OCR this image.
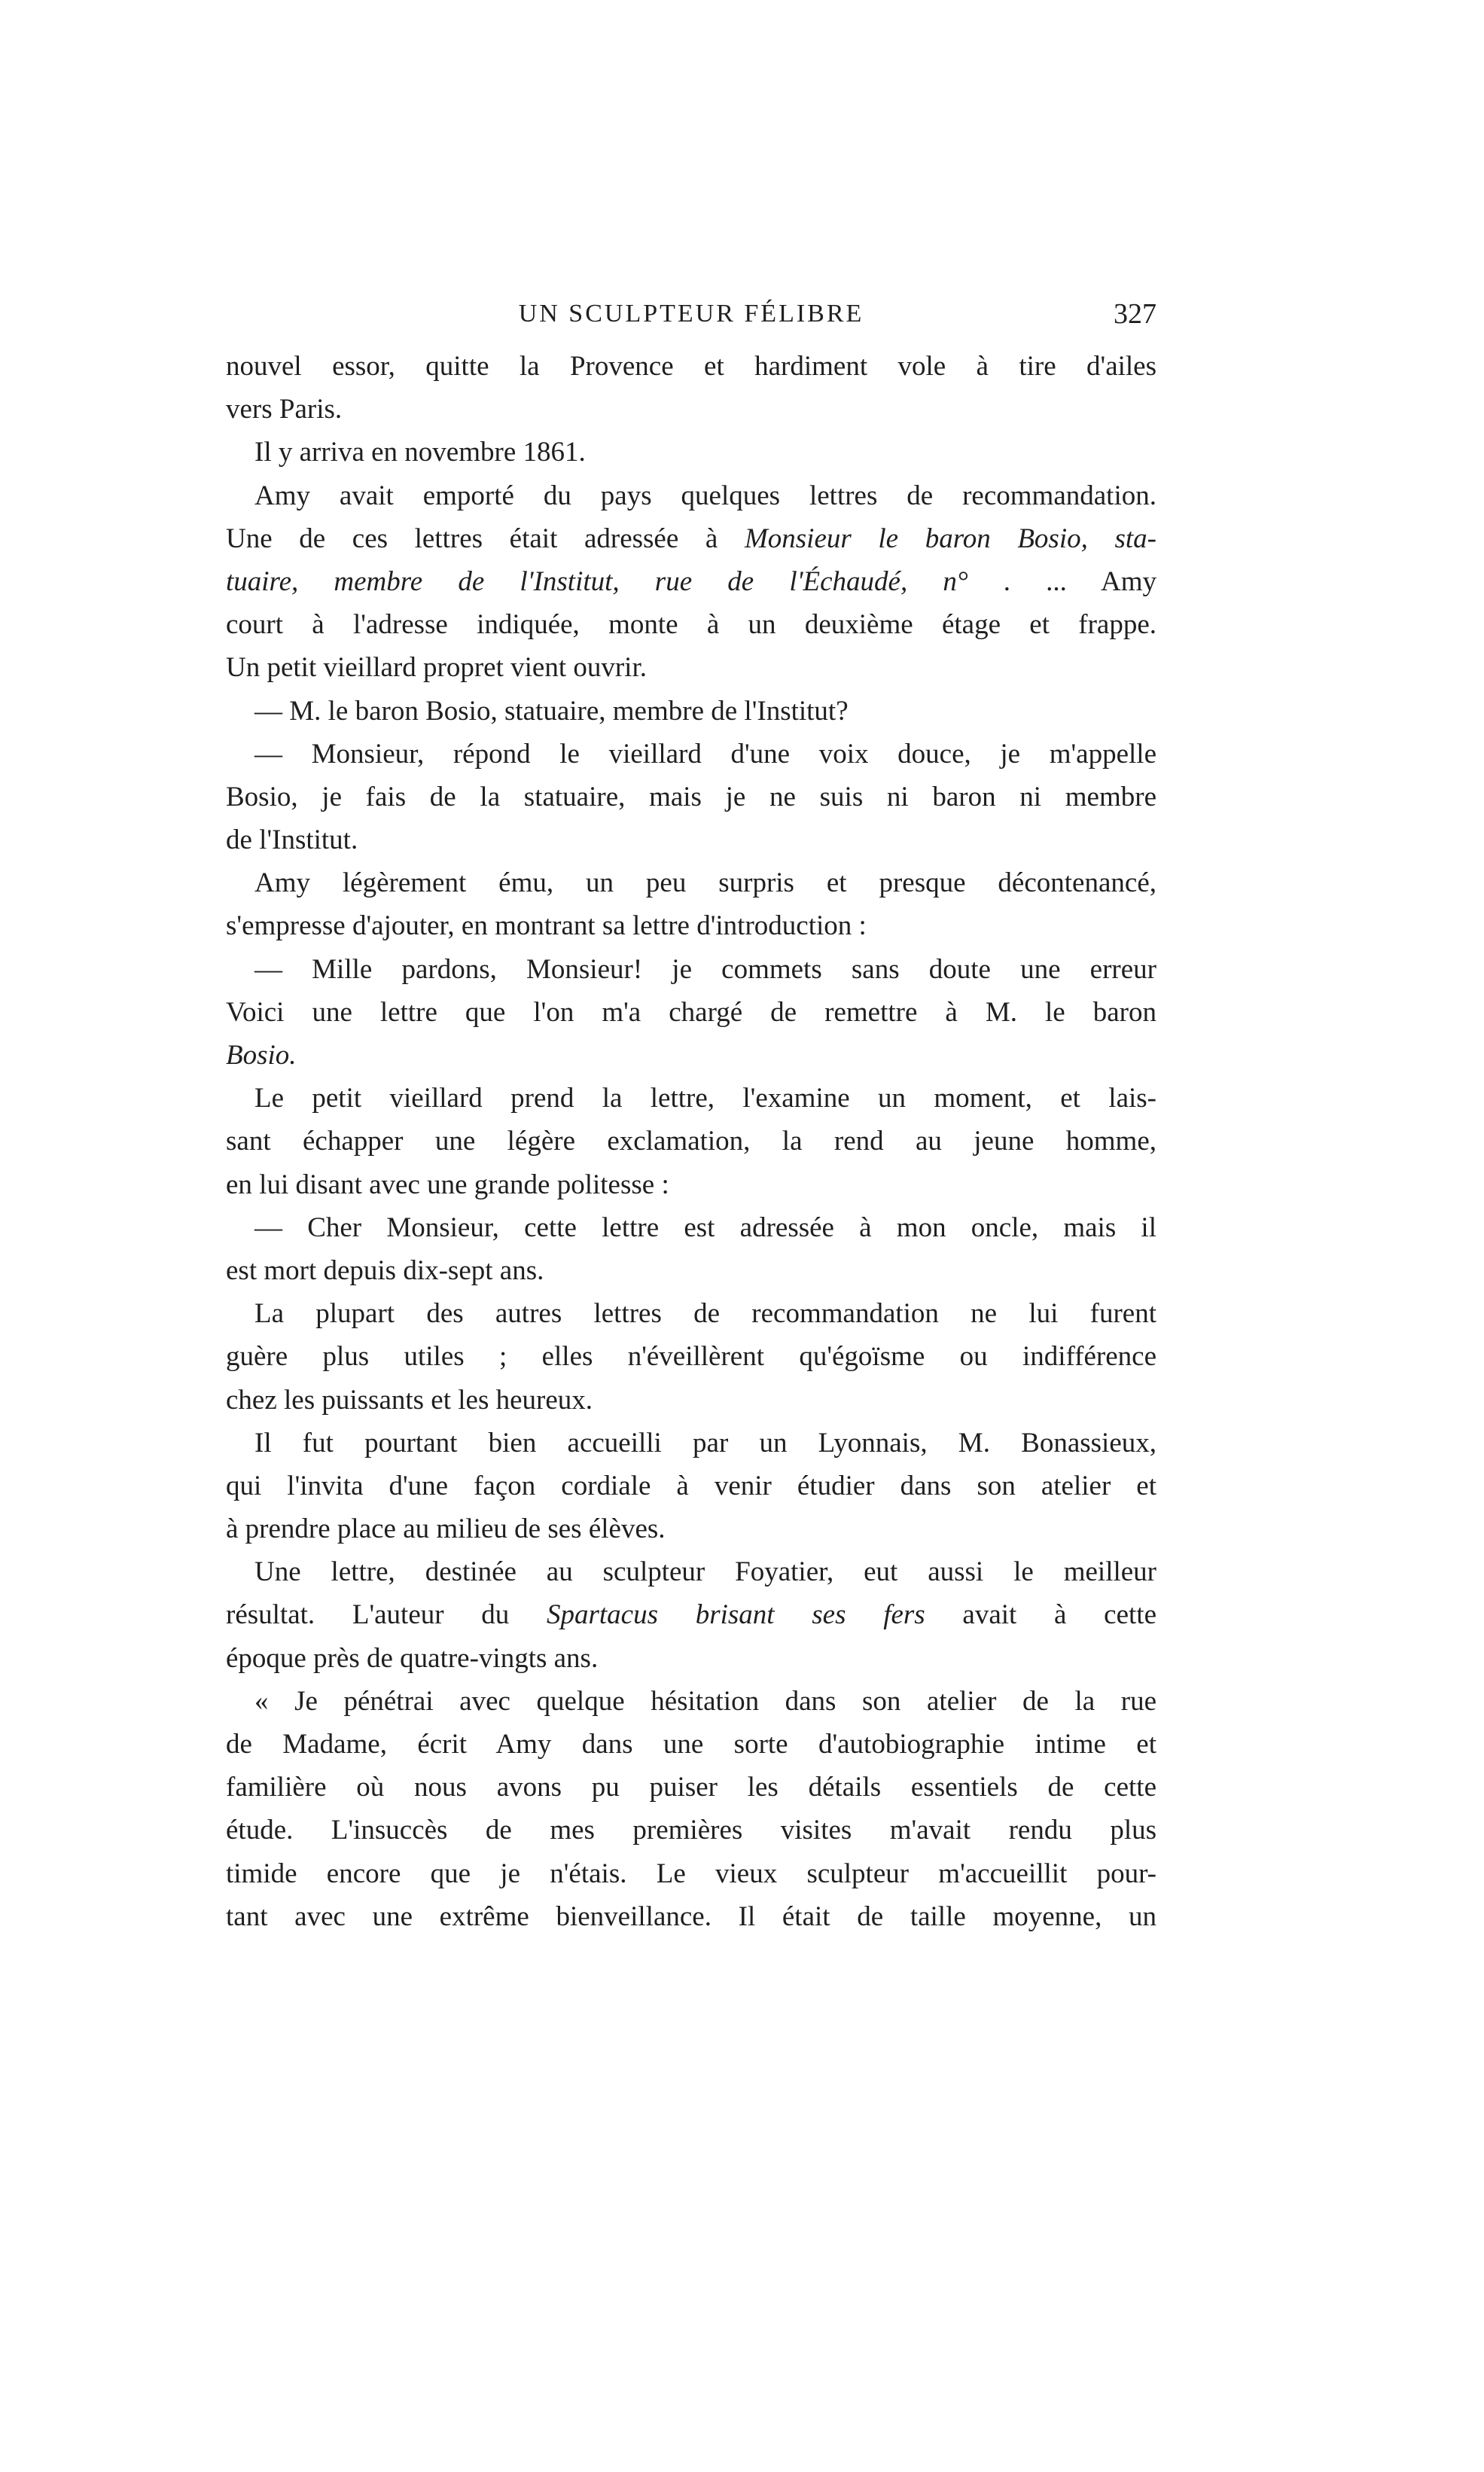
UN SCULPTEUR FÉLIBRE	327
nouvel essor, quitte la Provence et hardiment vole à tire d'ailes
vers Paris.
Il y arriva en novembre 1861.
Amy avait emporté du pays quelques lettres de recommandation.
Une de ces lettres était adressée à Monsieur le baron Bosio, sta-
tuaire, membre de l'Institut, rue de l'Échaudé, n° . ... Amy
court à l'adresse indiquée, monte à un deuxième étage et frappe.
Un petit vieillard propret vient ouvrir.
— M. le baron Bosio, statuaire, membre de l'Institut?
— Monsieur, répond le vieillard d'une voix douce, je m'appelle
Bosio, je fais de la statuaire, mais je ne suis ni baron ni membre
de l'Institut.
Amy légèrement ému, un peu surpris et presque décontenancé,
s'empresse d'ajouter, en montrant sa lettre d'introduction :
— Mille pardons, Monsieur! je commets sans doute une erreur
Voici une lettre que l'on m'a chargé de remettre à M. le baron
Bosio.
Le petit vieillard prend la lettre, l'examine un moment, et lais-
sant échapper une légère exclamation, la rend au jeune homme,
en lui disant avec une grande politesse :
— Cher Monsieur, cette lettre est adressée à mon oncle, mais il
est mort depuis dix-sept ans.
La plupart des autres lettres de recommandation ne lui furent
guère plus utiles ; elles n'éveillèrent qu'égoïsme ou indifférence
chez les puissants et les heureux.
Il fut pourtant bien accueilli par un Lyonnais, M. Bonassieux,
qui l'invita d'une façon cordiale à venir étudier dans son atelier et
à prendre place au milieu de ses élèves.
Une lettre, destinée au sculpteur Foyatier, eut aussi le meilleur
résultat. L'auteur du Spartacus brisant ses fers avait à cette
époque près de quatre-vingts ans.
« Je pénétrai avec quelque hésitation dans son atelier de la rue
de Madame, écrit Amy dans une sorte d'autobiographie intime et
familière où nous avons pu puiser les détails essentiels de cette
étude. L'insuccès de mes premières visites m'avait rendu plus
timide encore que je n'étais. Le vieux sculpteur m'accueillit pour-
tant avec une extrême bienveillance. Il était de taille moyenne, un
